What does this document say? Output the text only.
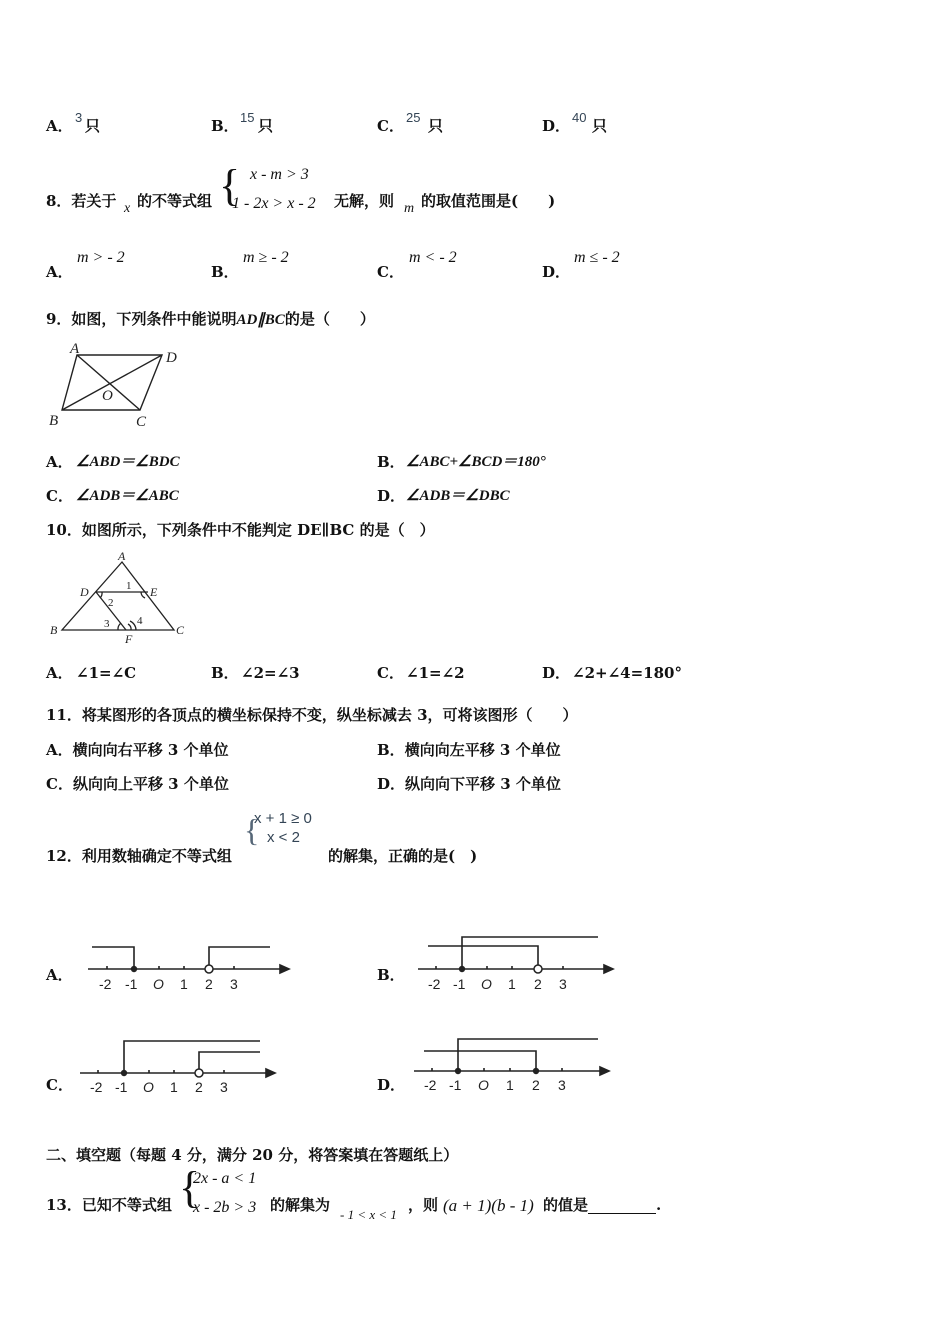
A． 3 只	B． 15 只	C． 25 只	D． 40 只
8．若关于 x 的不等式组 { x - m > 3
1 - 2x > x - 2 无解，则 m 的取值范围是(　　)
A．
m > - 2
B．
m ≥ - 2
C．
m < - 2
D．
m ≤ - 2
9．如图，下列条件中能说明AD∥BC的是（　　）
A
D
B	C
O
A． ∠ABD＝∠BDC	B． ∠ABC+∠BCD＝180°
C． ∠ADB＝∠ABC	D． ∠ADB＝∠DBC
10．如图所示，下列条件中不能判定 DE∥BC 的是（　）
A
D	E
B	C
F
1
2
3	4
A． ∠1=∠C	B． ∠2=∠3	C． ∠1=∠2	D． ∠2+∠4=180°
11．将某图形的各顶点的横坐标保持不变，纵坐标减去 3，可将该图形（　　）
A．横向向右平移 3 个单位	B．横向向左平移 3 个单位
C．纵向向上平移 3 个单位	D．纵向向下平移 3 个单位
12．利用数轴确定不等式组
{
x + 1 ≥ 0
x < 2
的解集，正确的是(　)
A．	B．
C．	D．
-2 -1 O 1 2 3	-2 -1 O 1 2 3
-2 -1 O 1 2 3	-2 -1 O 1 2 3
二、填空题（每题 4 分，满分 20 分，将答案填在答题纸上）
13．已知不等式组 {
2x - a < 1
x - 2b > 3 的解集为
- 1 < x < 1
，则 (a + 1)(b - 1) 的值是	.
